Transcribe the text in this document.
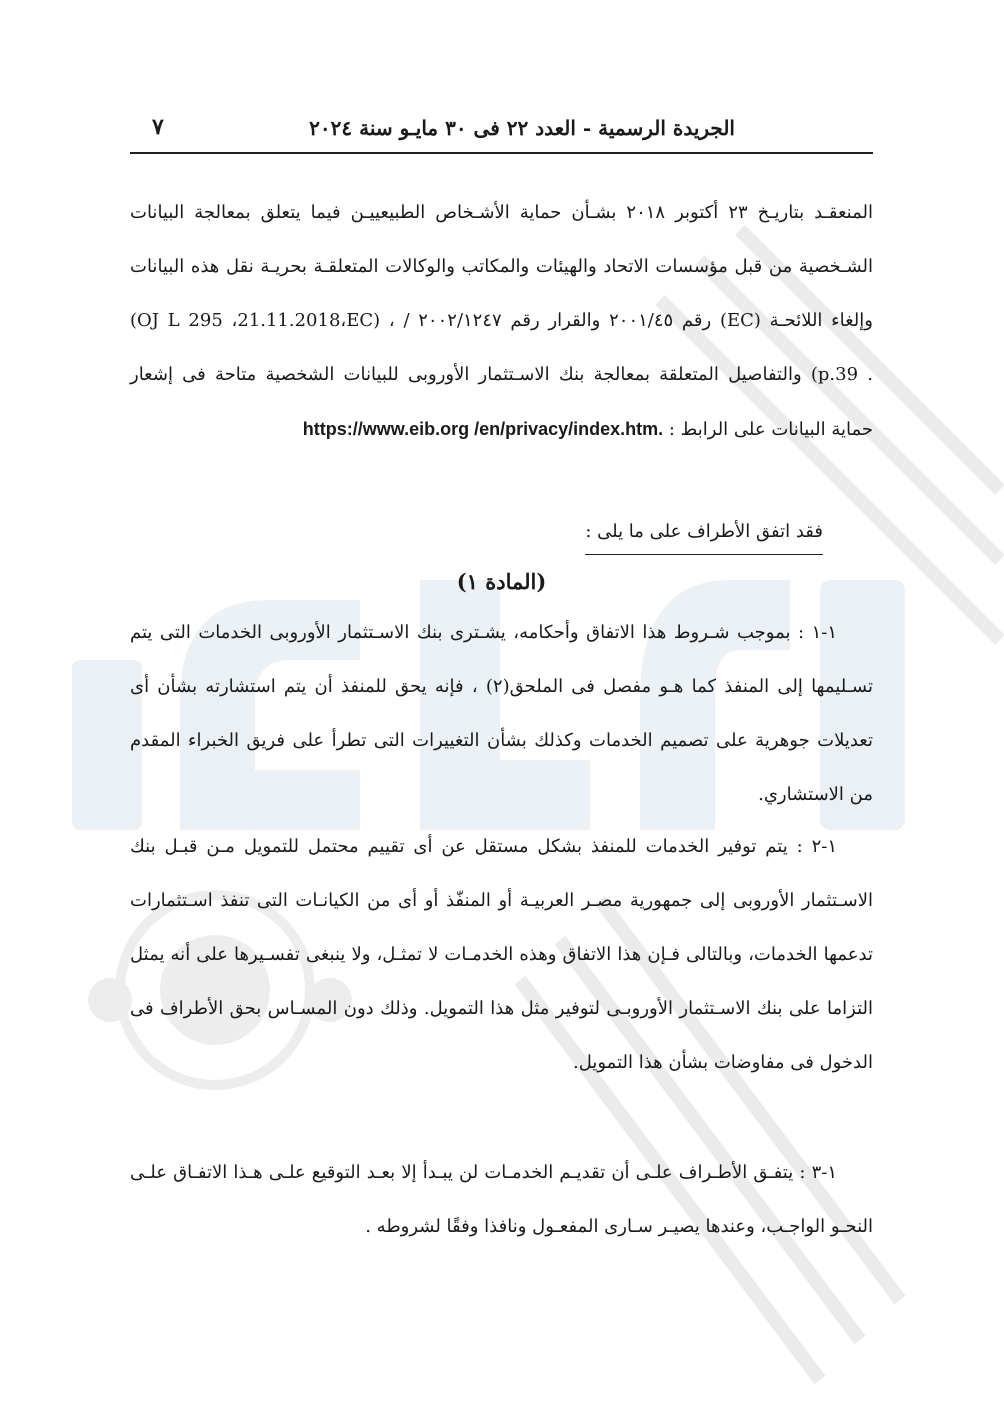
الجريدة الرسمية - العدد ٢٢ فى ٣٠ مايـو سنة ٢٠٢٤
٧

المنعقـد بتاريـخ ٢٣ أكتوبر ٢٠١٨ بشـأن حماية الأشـخاص الطبيعييـن فيما يتعلق بمعالجة البيانات الشـخصية من قبل مؤسسات الاتحاد والهيئات والمكاتب والوكالات المتعلقـة بحريـة نقل هذه البيانات وإلغاء اللائحـة (EC) رقم ٢٠٠١/٤٥ والقرار رقم ٢٠٠٢/١٢٤٧ / (OJ L 295 ،21.11.2018،EC) ، (p.39 . والتفاصيل المتعلقة بمعالجة بنك الاسـتثمار الأوروبى للبيانات الشخصية متاحة فى إشعار حماية البيانات على الرابط : https://www.eib.org /en/privacy/index.htm.

فقد اتفق الأطراف على ما يلى :
(المادة ١)

١-١ : بموجب شـروط هذا الاتفاق وأحكامه، يشـترى بنك الاسـتثمار الأوروبى الخدمات التى يتم تسـليمها إلى المنفذ كما هـو مفصل فى الملحق(٢) ، فإنه يحق للمنفذ أن يتم استشارته بشأن أى تعديلات جوهرية على تصميم الخدمات وكذلك بشأن التغييرات التى تطرأ على فريق الخبراء المقدم من الاستشاري.

١-٢ : يتم توفير الخدمات للمنفذ بشكل مستقل عن أى تقييم محتمل للتمويل مـن قبـل بنك الاسـتثمار الأوروبى إلى جمهورية مصـر العربيـة أو المنفّذ أو أى من الكيانـات التى تنفذ اسـتثمارات تدعمها الخدمات، وبالتالى فـإن هذا الاتفاق وهذه الخدمـات لا تمثـل، ولا ينبغى تفسـيرها على أنه يمثل التزاما على بنك الاسـتثمار الأوروبـى لتوفير مثل هذا التمويل. وذلك دون المسـاس بحق الأطراف فى الدخول فى مفاوضات بشأن هذا التمويل.

١-٣ : يتفـق الأطـراف علـى أن تقديـم الخدمـات لن يبـدأ إلا بعـد التوقيع علـى هـذا الاتفـاق علـى النحـو الواجـب، وعندها يصيـر سـارى المفعـول ونافذا وفقًا لشروطه .
